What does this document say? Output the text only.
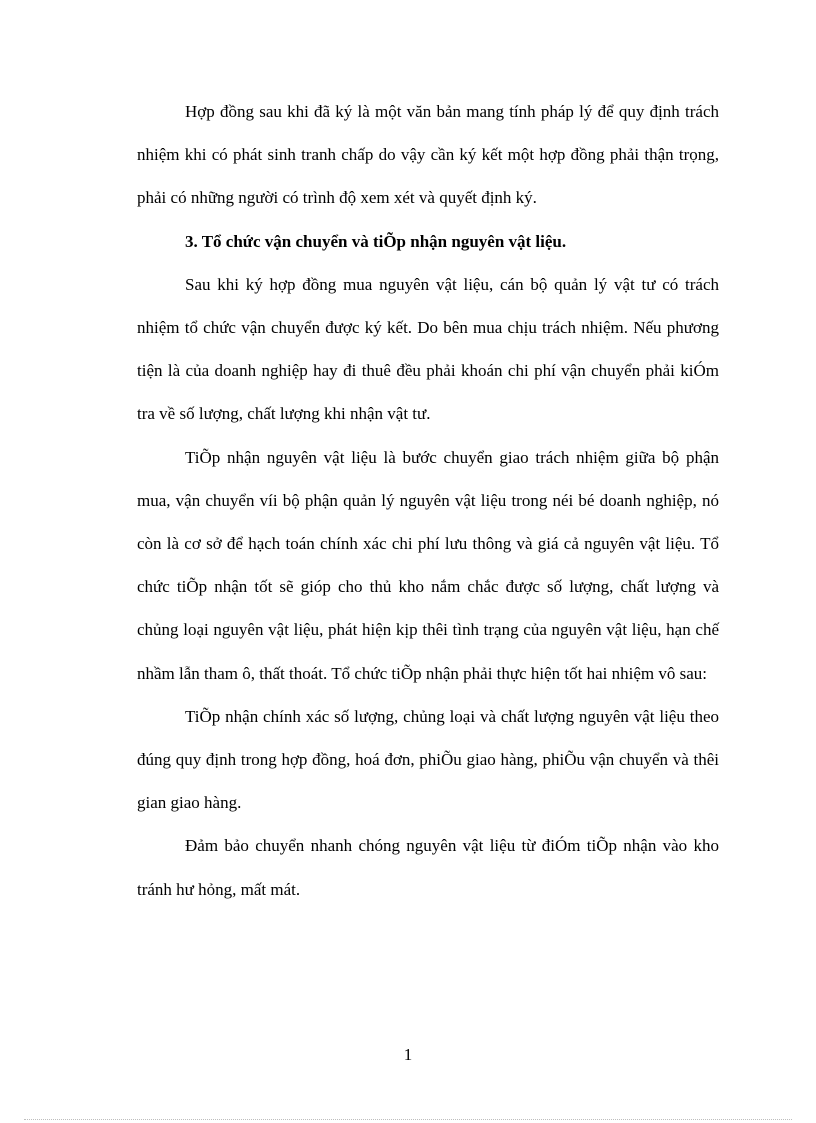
Hợp đồng sau khi đã ký là một văn bản mang tính pháp lý để quy định trách nhiệm khi có phát sinh tranh chấp do vậy cần ký kết một hợp đồng phải thận trọng, phải có những người có trình độ xem xét và quyết định ký.

3. Tổ chức vận chuyển và tiÕp nhận nguyên vật liệu.

Sau khi ký hợp đồng mua nguyên vật liệu, cán bộ quản lý vật tư có trách nhiệm tổ chức vận chuyển được ký kết. Do bên mua chịu trách nhiệm. Nếu phương tiện là của doanh nghiệp hay đi thuê đều phải khoán chi phí vận chuyển phải kiÓm tra về số lượng, chất lượng khi nhận vật tư.

TiÕp nhận nguyên vật liệu là bước chuyển giao trách nhiệm giữa bộ phận mua, vận chuyển víi bộ phận quản lý nguyên vật liệu trong néi bé doanh nghiệp, nó còn là cơ sở để hạch toán chính xác chi phí lưu thông và giá cả nguyên vật liệu. Tổ chức tiÕp nhận tốt sẽ gióp cho thủ kho nắm chắc được số lượng, chất lượng và chủng loại nguyên vật liệu, phát hiện kịp thêi tình trạng của nguyên vật liệu, hạn chế nhầm lẫn tham ô, thất thoát. Tổ chức tiÕp nhận phải thực hiện tốt hai nhiệm vô sau:

TiÕp nhận chính xác số lượng, chủng loại và chất lượng nguyên vật liệu theo đúng quy định trong hợp đồng, hoá đơn, phiÕu giao hàng, phiÕu vận chuyển và thêi gian giao hàng.

Đảm bảo chuyển nhanh chóng nguyên vật liệu từ điÓm tiÕp nhận vào kho tránh hư hỏng, mất mát.

1
